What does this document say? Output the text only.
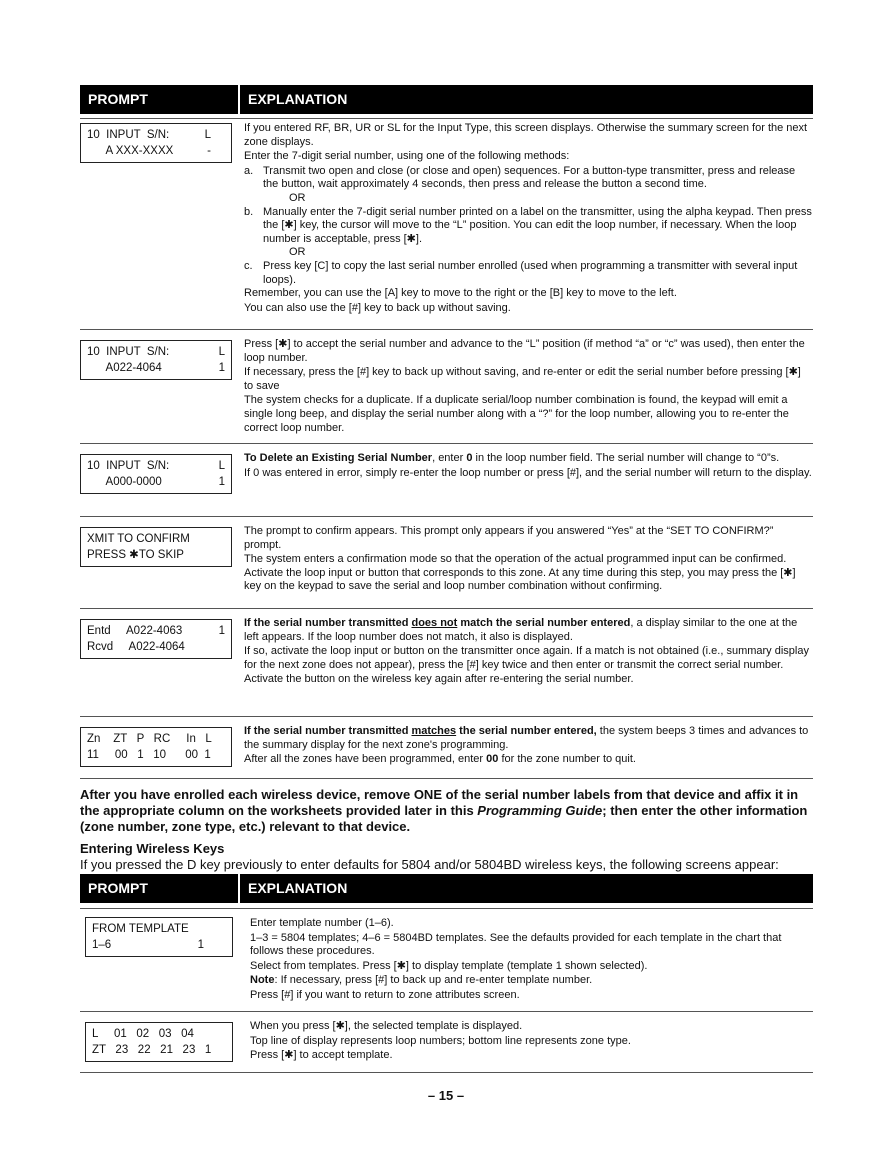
PROMPT	EXPLANATION
10  INPUT  S/N:	L
A XXX-XXXX	-

If you entered RF, BR, UR or SL for the Input Type, this screen displays. Otherwise the summary screen for the next zone displays.

Enter the 7-digit serial number, using one of the following methods:

a. Transmit two open and close (or close and open) sequences. For a button-type transmitter, press and release the button, wait approximately 4 seconds, then press and release the button a second time.
OR
b. Manually enter the 7-digit serial number printed on a label on the transmitter, using the alpha keypad. Then press the [✱] key, the cursor will move to the “L” position. You can edit the loop number, if necessary. When the loop number is acceptable, press [✱].
OR
c. Press key [C] to copy the last serial number enrolled (used when programming a transmitter with several input loops).

Remember, you can use the [A] key to move to the right or the [B] key to move to the left.

You can also use the [#] key to back up without saving.

10  INPUT  S/N:	L
A022-4064	1

Press [✱] to accept the serial number and advance to the “L” position (if method “a” or “c” was used), then enter the loop number.

If necessary, press the [#] key to back up without saving, and re-enter or edit the serial number before pressing [✱] to save

The system checks for a duplicate. If a duplicate serial/loop number combination is found, the keypad will emit a single long beep, and display the serial number along with a “?” for the loop number, allowing you to re-enter the correct loop number.

10  INPUT  S/N:	L
A000-0000	1

To Delete an Existing Serial Number, enter 0 in the loop number field. The serial number will change to “0”s.

If 0 was entered in error, simply re-enter the loop number or press [#], and the serial number will return to the display.

XMIT TO CONFIRM
PRESS ✱TO SKIP

The prompt to confirm appears. This prompt only appears if you answered “Yes” at the “SET TO CONFIRM?” prompt.

The system enters a confirmation mode so that the operation of the actual programmed input can be confirmed. Activate the loop input or button that corresponds to this zone. At any time during this step, you may press the [✱] key on the keypad to save the serial and loop number combination without confirming.

Entd     A022-4063	1
Rcvd     A022-4064

If the serial number transmitted does not match the serial number entered, a display similar to the one at the left appears. If the loop number does not match, it also is displayed.

If so, activate the loop input or button on the transmitter once again. If a match is not obtained (i.e., summary display for the next zone does not appear), press the [#] key twice and then enter or transmit the correct serial number.

Activate the button on the wireless key again after re-entering the serial number.

Zn    ZT   P   RC     In   L
11     00   1   10      00  1

If the serial number transmitted matches the serial number entered, the system beeps 3 times and advances to the summary display for the next zone's programming.

After all the zones have been programmed, enter 00 for the zone number to quit.

After you have enrolled each wireless device, remove ONE of the serial number labels from that device and affix it in the appropriate column on the worksheets provided later in this Programming Guide; then enter the other information (zone number, zone type, etc.) relevant to that device.
Entering Wireless Keys
If you pressed the D key previously to enter defaults for 5804 and/or 5804BD wireless keys, the following screens appear:
PROMPT	EXPLANATION
FROM TEMPLATE
1–6	1

Enter template number (1–6).

1–3 = 5804 templates; 4–6 = 5804BD templates. See the defaults provided for each template in the chart that follows these procedures.

Select from templates. Press [✱] to display template (template 1 shown selected).

Note: If necessary, press [#] to back up and re-enter template number.

Press [#] if you want to return to zone attributes screen.

L     01   02   03   04
ZT   23   22   21   23   1

When you press [✱], the selected template is displayed.

Top line of display represents loop numbers; bottom line represents zone type.

Press [✱] to accept template.

– 15 –
